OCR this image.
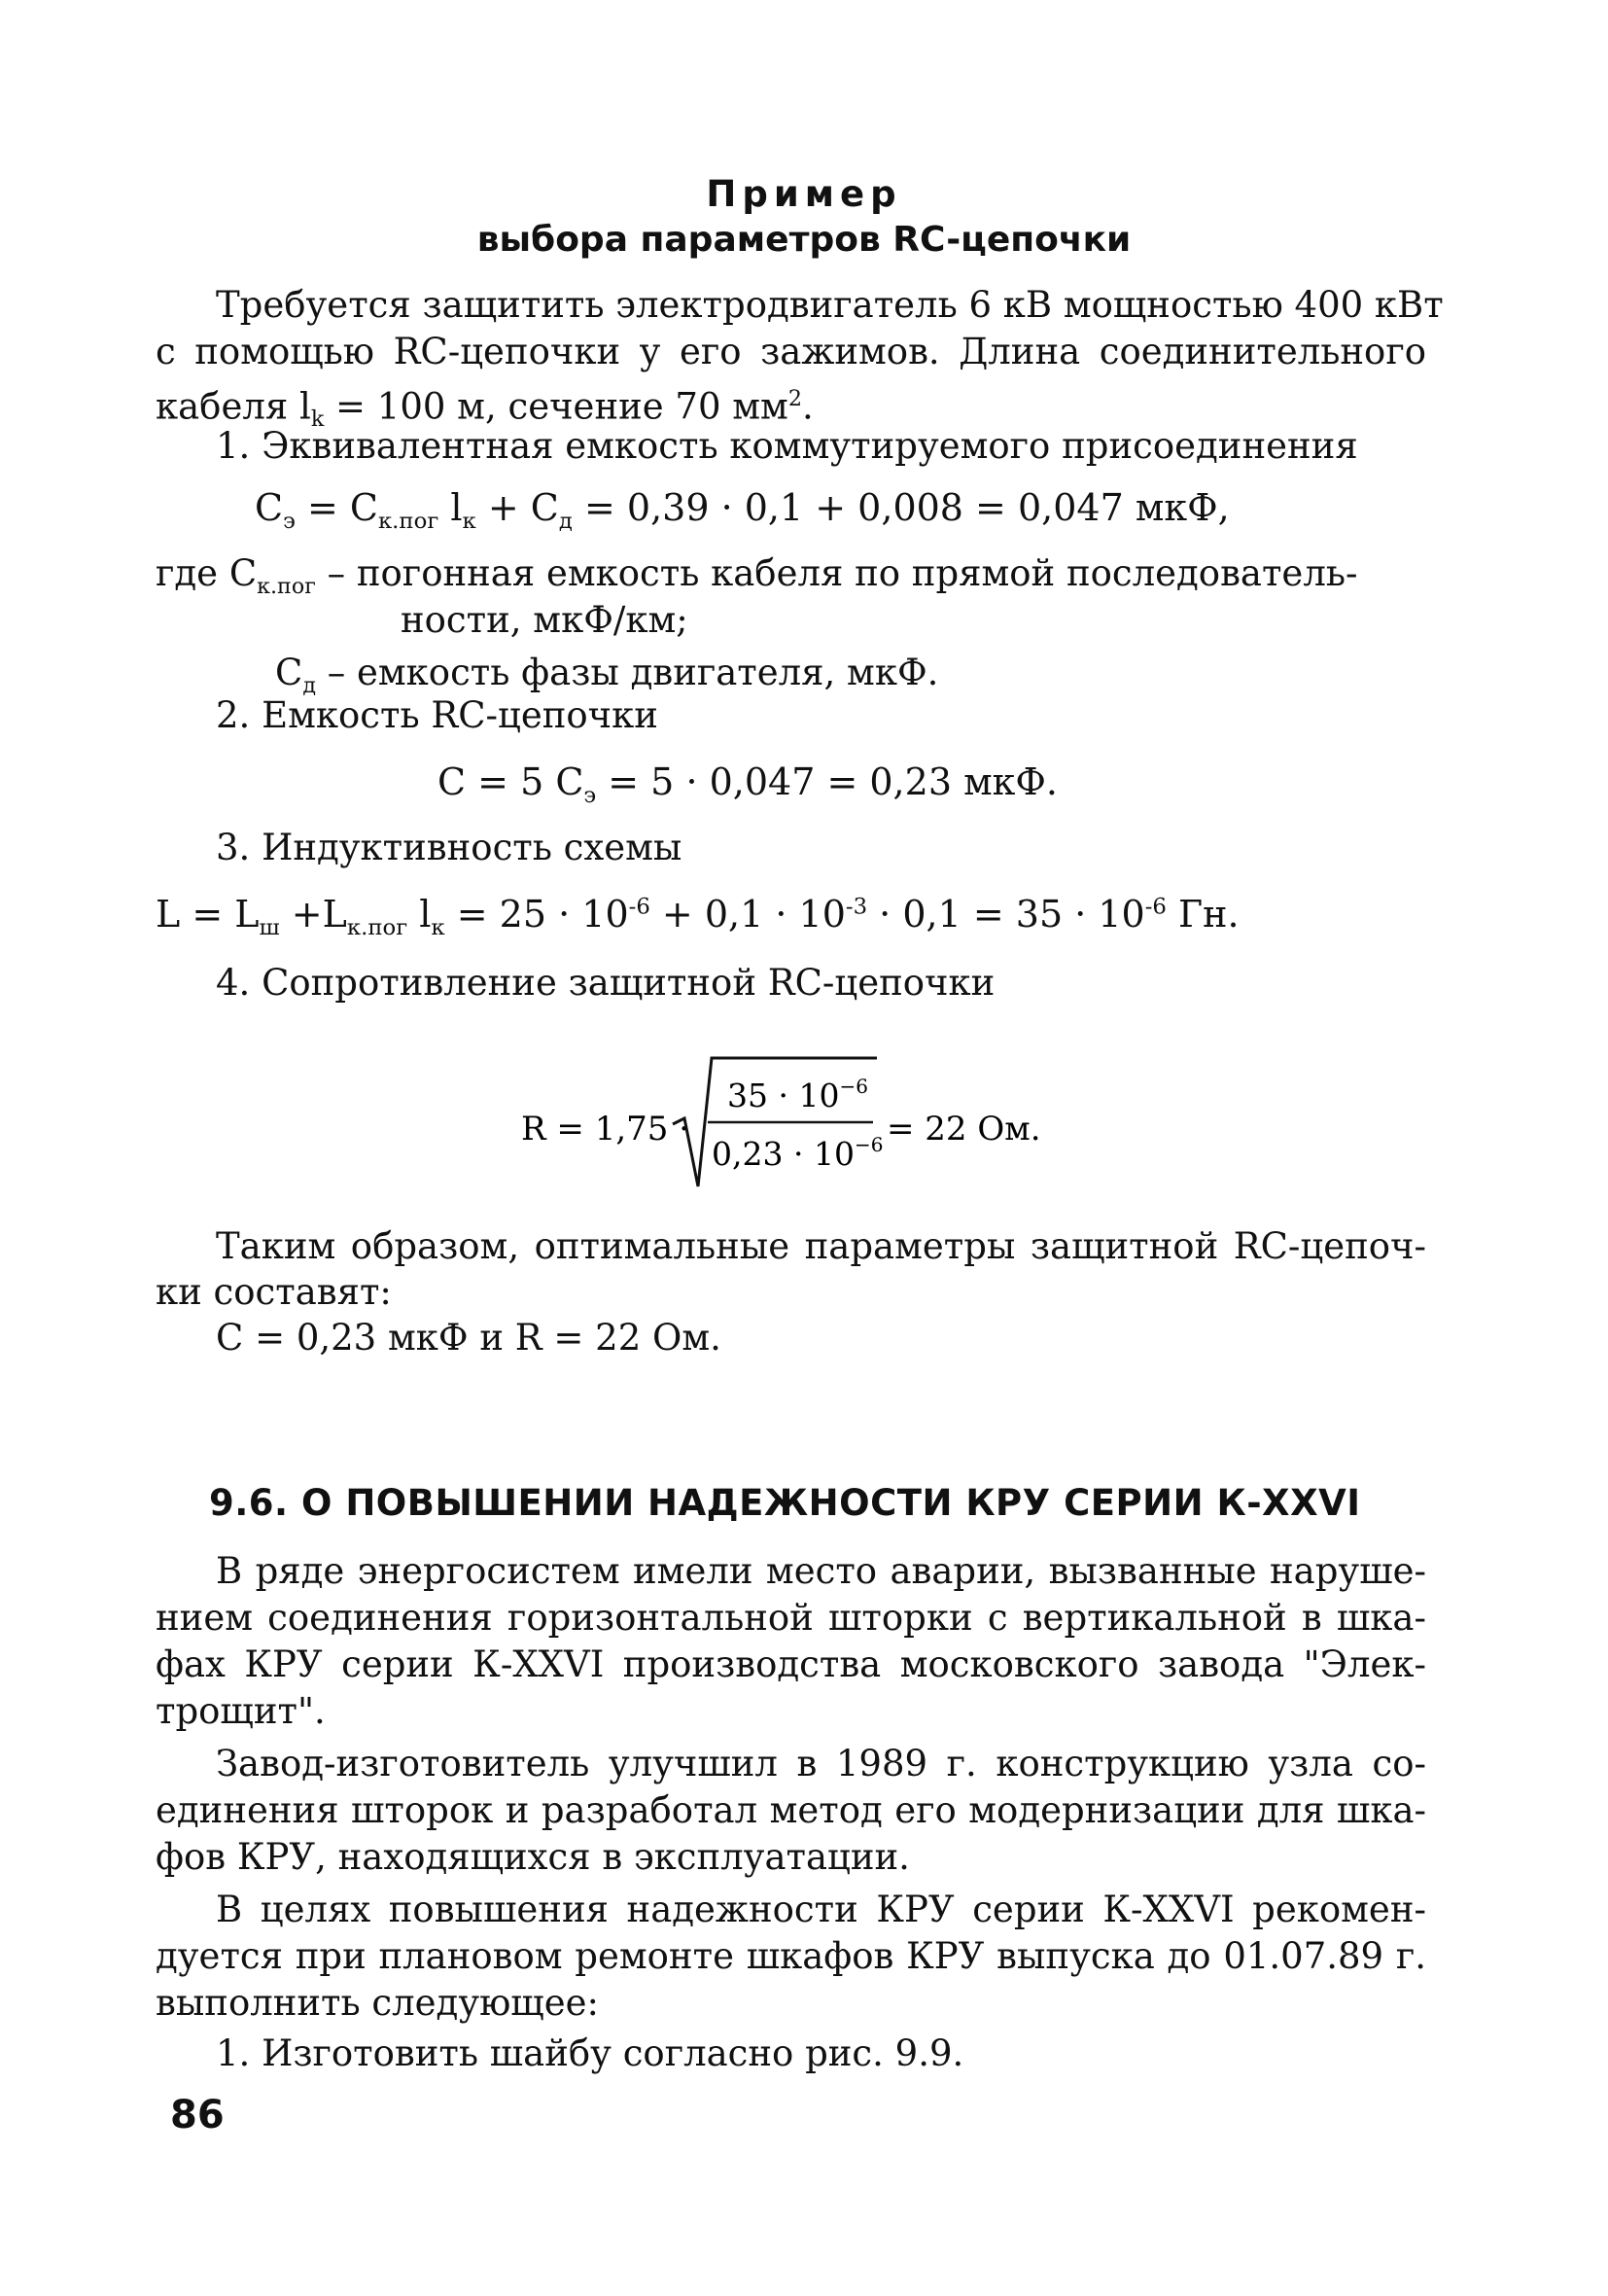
Пример
выбора параметров RC-цепочки
Требуется защитить электродвигатель 6 кВ мощностью 400 кВт
с помощью RC-цепочки у его зажимов. Длина соединительного
кабеля $l_k = 100$ м, сечение 70 $мм^2$.
1. Эквивалентная емкость коммутируемого присоединения
$С_э = С_{к.пог}$ $l_к + С_д = 0,39 \cdot 0,1 + 0,008 = 0,047$ мкФ,
где $С_{к.пог}$ – погонная емкость кабеля по прямой последователь-
ности, мкФ/км;
$С_д$ – емкость фазы двигателя, мкФ.
2. Емкость RC-цепочки
С = 5 $С_э = 5 \cdot 0,047 = 0,23$ мкФ.
3. Индуктивность схемы
$L = L_ш +L_{к.пог}$ $l_к = 25 \cdot 10^{-6} + 0,1 \cdot 10^{-3} \cdot 0,1 = 35 \cdot 10^{-6}$ Гн.
4. Сопротивление защитной RC-цепочки
R = 1,75 ·
$35 \cdot 10^{-6}$
$0,23 \cdot 10^{-6} = 22$ Ом.
Таким образом, оптимальные параметры защитной RC-цепоч-
ки составят:
С = 0,23 мкФ и R = 22 Ом.
9.6. О ПОВЫШЕНИИ НАДЕЖНОСТИ КРУ СЕРИИ К-XXVI
В ряде энергосистем имели место аварии, вызванные наруше-
нием соединения горизонтальной шторки с вертикальной в шка-
фах КРУ серии К-XXVI производства московского завода "Элек-
трощит".
Завод-изготовитель улучшил в 1989 г. конструкцию узла со-
единения шторок и разработал метод его модернизации для шка-
фов КРУ, находящихся в эксплуатации.
В целях повышения надежности КРУ серии К-XXVI рекомен-
дуется при плановом ремонте шкафов КРУ выпуска до 01.07.89 г.
выполнить следующее:
1. Изготовить шайбу согласно рис. 9.9.
86
